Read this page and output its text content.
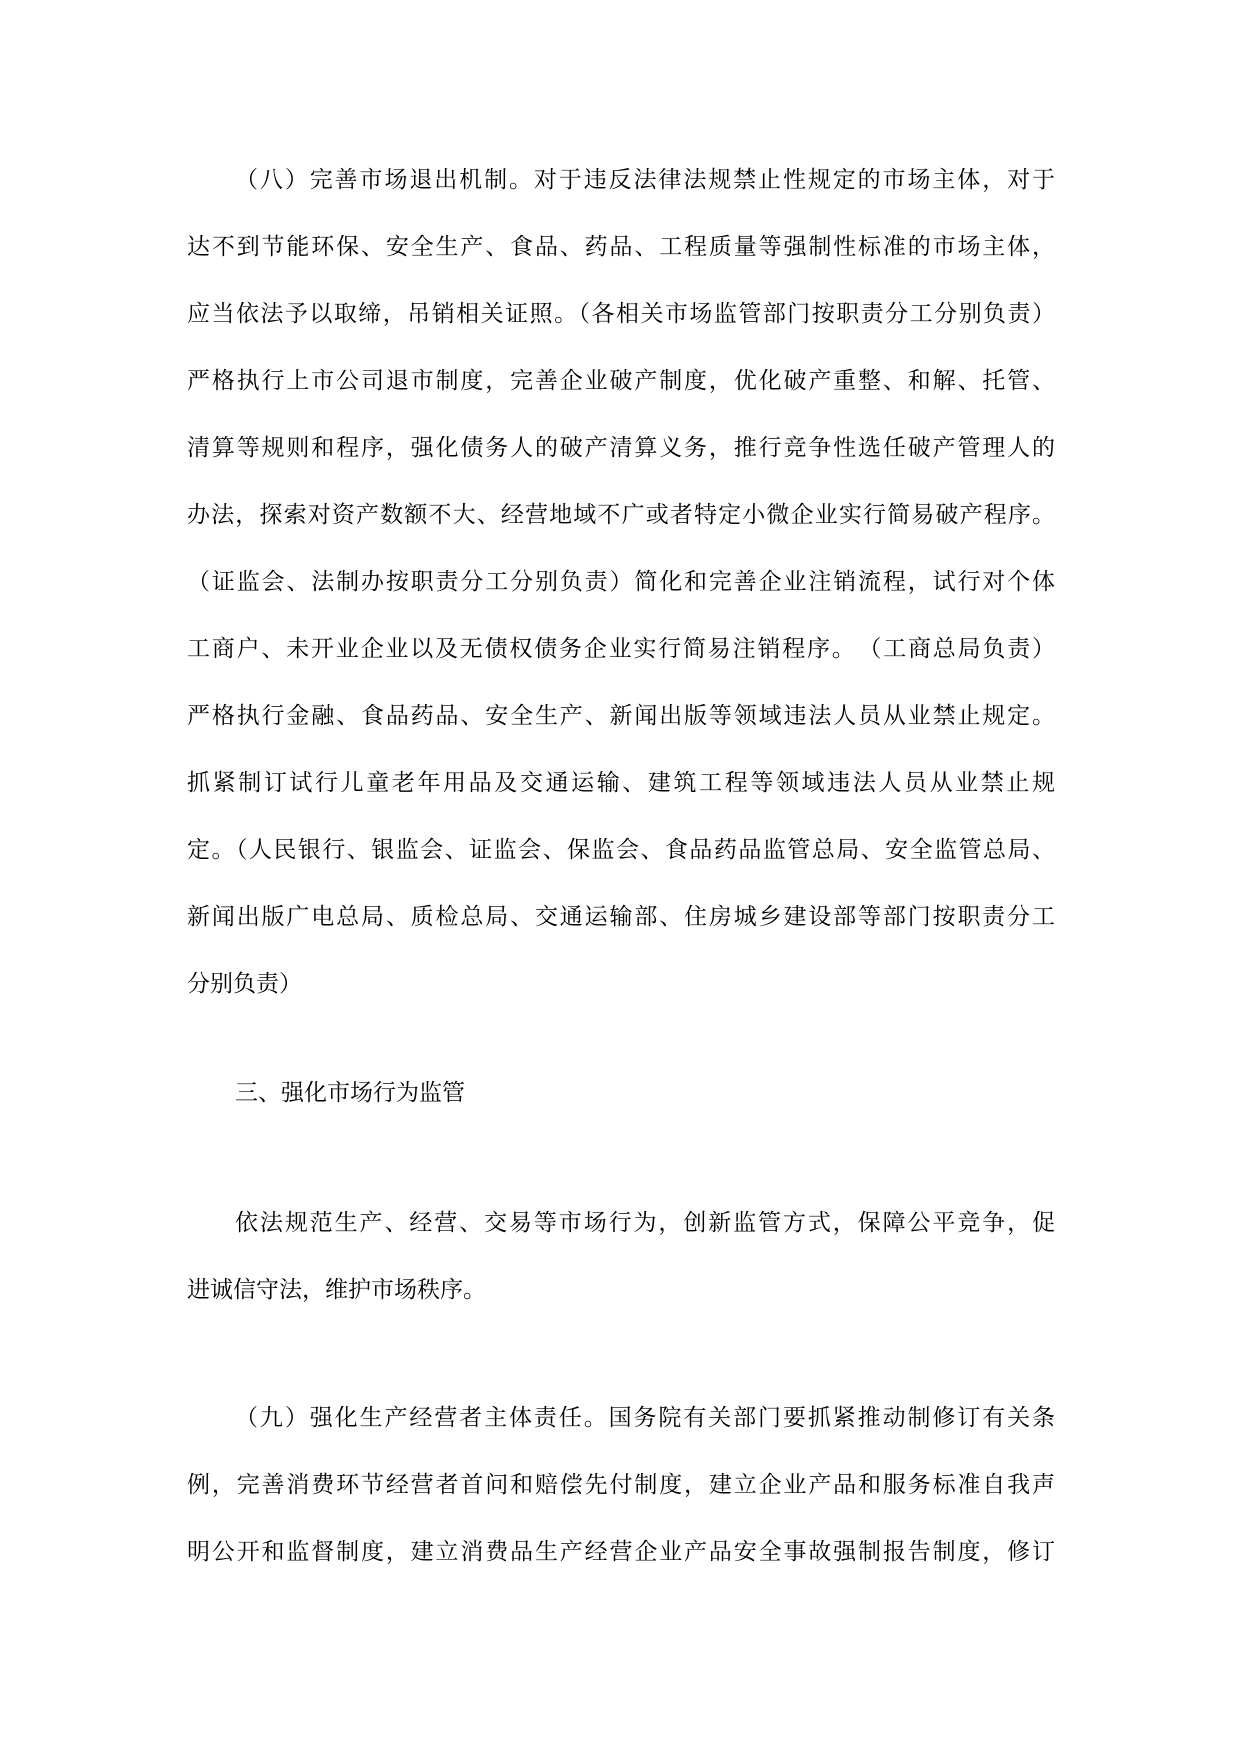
（八）完善市场退出机制。对于违反法律法规禁止性规定的市场主体，对于
达不到节能环保、安全生产、食品、药品、工程质量等强制性标准的市场主体，
应当依法予以取缔，吊销相关证照。（各相关市场监管部门按职责分工分别负责）
严格执行上市公司退市制度，完善企业破产制度，优化破产重整、和解、托管、
清算等规则和程序，强化债务人的破产清算义务，推行竞争性选任破产管理人的
办法，探索对资产数额不大、经营地域不广或者特定小微企业实行简易破产程序。
（证监会、法制办按职责分工分别负责）简化和完善企业注销流程，试行对个体
工商户、未开业企业以及无债权债务企业实行简易注销程序。　（工商总局负责）
严格执行金融、食品药品、安全生产、新闻出版等领域违法人员从业禁止规定。
抓紧制订试行儿童老年用品及交通运输、建筑工程等领域违法人员从业禁止规
定。（人民银行、银监会、证监会、保监会、食品药品监管总局、安全监管总局、
新闻出版广电总局、质检总局、交通运输部、住房城乡建设部等部门按职责分工
分别负责）
三、强化市场行为监管
依法规范生产、经营、交易等市场行为，创新监管方式，保障公平竞争，促
进诚信守法，维护市场秩序。
（九）强化生产经营者主体责任。国务院有关部门要抓紧推动制修订有关条
例，完善消费环节经营者首问和赔偿先付制度，建立企业产品和服务标准自我声
明公开和监督制度，建立消费品生产经营企业产品安全事故强制报告制度，修订
